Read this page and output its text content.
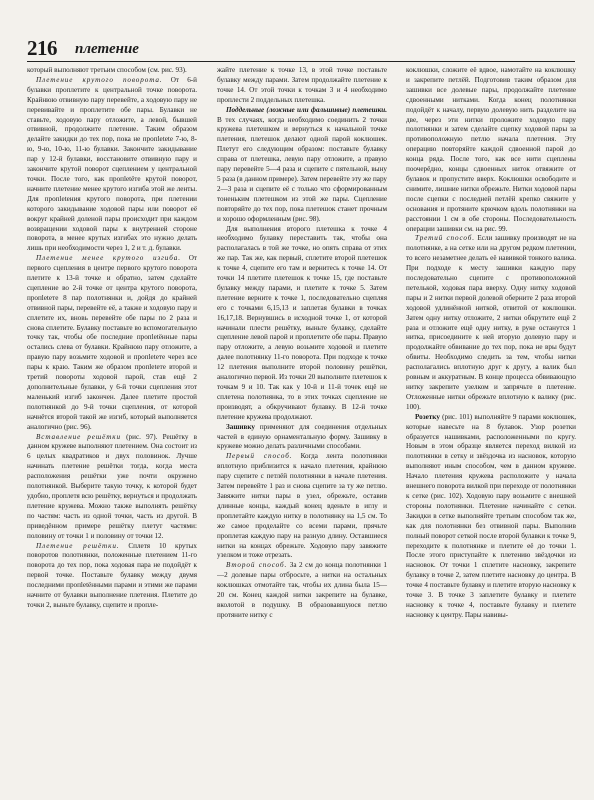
216 плетение

который выполняют третьим способом (см. рис. 93).

Плетение крутого поворота. От 6-й булавки проплетите к центральной точке поворота. Крайнюю отвивную пару перевейте, а ходовую пару не перевивайте и проплетите обе пары. Булавки не ставьте, ходовую пару отложите, а левой, бывшей отвивной, продолжите плетение. Таким образом делайте закидки до тех пор, пока не пропletete 7-ю, 8-ю, 9-ю, 10-ю, 11-ю булавки. Закончите закидывание пар у 12-й булавки, восстановите отвивную пару и закончите крутой поворот сцеплением у центральной точки. После того, как пропletёте крутой поворот, начните плетение менее крутого изгиба этой же ленты. Для пропleteния крутого поворота, при плетении которого закидывание ходовой пары или поворот её вокруг крайней доленой пары происходит при каждом возвращении ходовой пары к внутренней стороне поворота, в менее крутых изгибах это нужно делать лишь при необходимости через 1, 2 и т. д. булавки.

Плетение менее крутого изгиба. От первого сцепления в центре первого крутого поворота плетите к 13-й точке и обратно, затем сделайте сцепление во 2-й точке от центра крутого поворота, пропleteте 8 пар полотнянки и, дойдя до крайней отвивной пары, перевейте её, а также и ходовую пару и сплетите их, вновь перевейте обе пары по 2 раза и снова сплетите. Булавку поставьте во вспомогательную точку так, чтобы обе последние пропletённые пары остались слева от булавки. Крайнюю пару отложите, а правую пару возьмите ходовой и пропleteте через все пары к краю. Таким же образом пропleteте второй и третий повороты ходовой парой, став ещё 2 дополнительные булавки, у 6-й точки сцепления этот маленький изгиб закончен. Далее плетите простой полотнянкой до 9-й точки сцепления, от которой начнётся второй такой же изгиб, который выполняется аналогично (рис. 96).

Вставление решётки (рис. 97). Решётку в данном кружеве выполняют плетением. Она состоит из 6 целых квадратиков и двух половинок. Лучше начинать плетение решётки тогда, когда места расположения решётки уже почти окружено полотнянкой. Выберите такую точку, к которой будет удобно, проплетя всю решётку, вернуться и продолжать плетение кружева. Можно также выполнять решётку по частям: часть из одной точки, часть из другой. В приведённом примере решётку плетут частями: половину от точки 1 и половину от точки 12.

Плетение решётки. Сплетя 10 крутых поворотов полотнянки, положенные плетением 11-го поворота до тех пор, пока ходовая пара не подойдёт к первой точке. Поставьте булавку между двумя последними пропletёнными парами и этими же парами начните от булавки выполнение плетения. Плетите до точки 2, выньте булавку, сцепите и пропле-

жайте плетение к точке 13, в этой точке поставьте булавку между парами. Затем продолжайте плетение к точке 14. От этой точки к точкам 3 и 4 необходимо проплести 2 поддельных плетешка.

Поддельные (ложные или фальшивые) плетешки. В тех случаях, когда необходимо соединить 2 точки кружева плетешком и вернуться к начальной точке плетения, плетешок делают одной парой коклюшек. Плетут его следующим образом: поставьте булавку справа от плетешка, левую пару отложите, а правую пару перевейте 5—4 раза и сцепите с пятельной, выну 5 раза (в данном примере). Затем перевейте эту же пару 2—3 раза и сцепите её с только что сформированным тоненьким плетешком из этой же пары. Сцепление повторяйте до тех пор, пока плетешок станет прочным и хорошо оформленным (рис. 98).

Для выполнения второго плетешка к точке 4 необходимо булавку переставить так, чтобы она располагалась в той же точке, но опять справа от этих же пар. Так же, как первый, сплетите второй плетешок к точке 4, сцепите его там и вернитесь к точке 14. От точки 14 плетите плетешок к точке 15, где поставьте булавку между парами, и плетите к точке 5. Затем плетение верните к точке 1, последовательно сцепляя его с точками 6,15,13 и заплетая булавки в точках 16,17,18. Вернувшись в исходной точке 1, от которой начинали плести решётку, выньте булавку, сделайте сцепление левой парой и проплетите обе пары. Правую пару отложите, а левую возьмите ходовой и плетите далее полотнянку 11-го поворота. При подходе к точке 12 плетения выполните второй половину решётки, аналогично первой. Из точки 20 выполните плетешок к точкам 9 и 10. Так как у 10-й и 11-й точек ещё не сплетена полотнянка, то в этих точках сцепление не производят, а обкручивают булавку. В 12-й точке плетение кружева продолжают.

Зашивку применяют для соединения отдельных частей в единую орнаментальную форму. Зашивку в кружеве можно делать различными способами.

Первый способ. Когда лента полотнянки вплотную приблизится к начало плетения, крайнюю пару сцепите с петлёй полотнянки в начале плетения. Затем перевейте 1 раз и снова сцепите за ту же петлю. Завяжите нитки пары в узел, обрежьте, оставив длинные концы, каждый конец вденьте в иглу и проплетайте каждую нитку в полотнянку на 1,5 см. То же самое проделайте со всеми парами, прячьте проплетая каждую пару на разную длину. Оставшиеся нитки на концах обрежьте. Ходовую пару завяжите узелком и тоже отрезать.

Второй способ. За 2 см до конца полотнянки 1—2 долевые пары отбросьте, а нитки на остальных коклюшках отмотайте так, чтобы их длина была 15—20 см. Конец каждой нитки закрепите на булавке, вколотой в подушку. В образовавшуюся петлю протяните нитку с

коклюшки, сложите её вдвое, намотайте на коклюшку и закрепите петлёй. Подготовив таким образом для зашивки все долевые пары, продолжайте плетение сдвоенными нитками. Когда конец полотнянки подойдёт к началу, первую долевую нить разделите на две, через эти нитки проложите ходовую пару полотнянки и затем сделайте сцепку ходовой пары за противоположную петлю начала плетения. Эту операцию повторяйте каждой сдвоенной парой до конца ряда. После того, как все нити сцеплены поочерёдно, концы сдвоенных ниток отвяжите от булавок и пропустите вверх. Коклюшки освободите и снимите, лишние нитки обрежьте. Нитки ходовой пары после сцепки с последней петлёй крепко свяжите у основания и протяните крючком вдоль полотнянки на расстоянии 1 см в обе стороны. Последовательность операции зашивки см. на рис. 99.

Третий способ. Если зашивку производят не на полотнянке, а на сетке или на другом редком плетении, то всего незаметнее делать её навивкой тонкого валика. При подходе к месту зашивки каждую пару последовательно сцепите с противоположной петелькой, ходовая пара вверху. Одну нитку ходовой пары и 2 нитки первой долевой оберните 2 раза второй ходовой удлинённой ниткой, отвитой от коклюшки. Затем одну нитку отложите, 2 нитки обкрутите ещё 2 раза и отложите ещё одну нитку, в руке останутся 1 нитка, присоедините к ней вторую долевую пару и продолжайте обвивание до тех пор, пока не вры будут обвиты. Необходимо следить за тем, чтобы нитки располагались вплотную друг к другу, а валик был ровным и аккуратным. В конце процесса обвивающую нитку закрепите узелком и запрячьте в плетение. Отложенные нитки обрежьте вплотную к валику (рис. 100).

Розетку (рис. 101) выполняйте 9 парами коклюшек, которые навесьте на 8 булавок. Узор розетки образуется нашивками, расположенными по кругу. Новым в этом образце является переход вилкой из полотнянки в сетку и звёздочка из насновок, которую выполняют иным способом, чем в данном кружеве. Начало плетения кружева расположите у начала внешнего поворота вилкой при переходе от полотнянки к сетке (рис. 102). Ходовую пару возьмите с внешней стороны полотнянки. Плетение начинайте с сетки. Закидки в сетке выполняйте третьим способом так же, как для полотнянки без отвивной пары. Выполнив полный поворот сеткой после второй булавки к точке 9, переходите к полотнянке и плетите её до точки 1. После этого приступайте к плетению звёздочки из насновок. От точки 1 сплетите насновку, закрепите булавку в точке 2, затем плетите насновку до центра. В точке 4 поставьте булавку и плетите вторую насновку к точке 3. В точке 3 заплетите булавку и плетите насновку к точке 4, поставьте булавку и плетите насновку к центру. Пары навивы-
